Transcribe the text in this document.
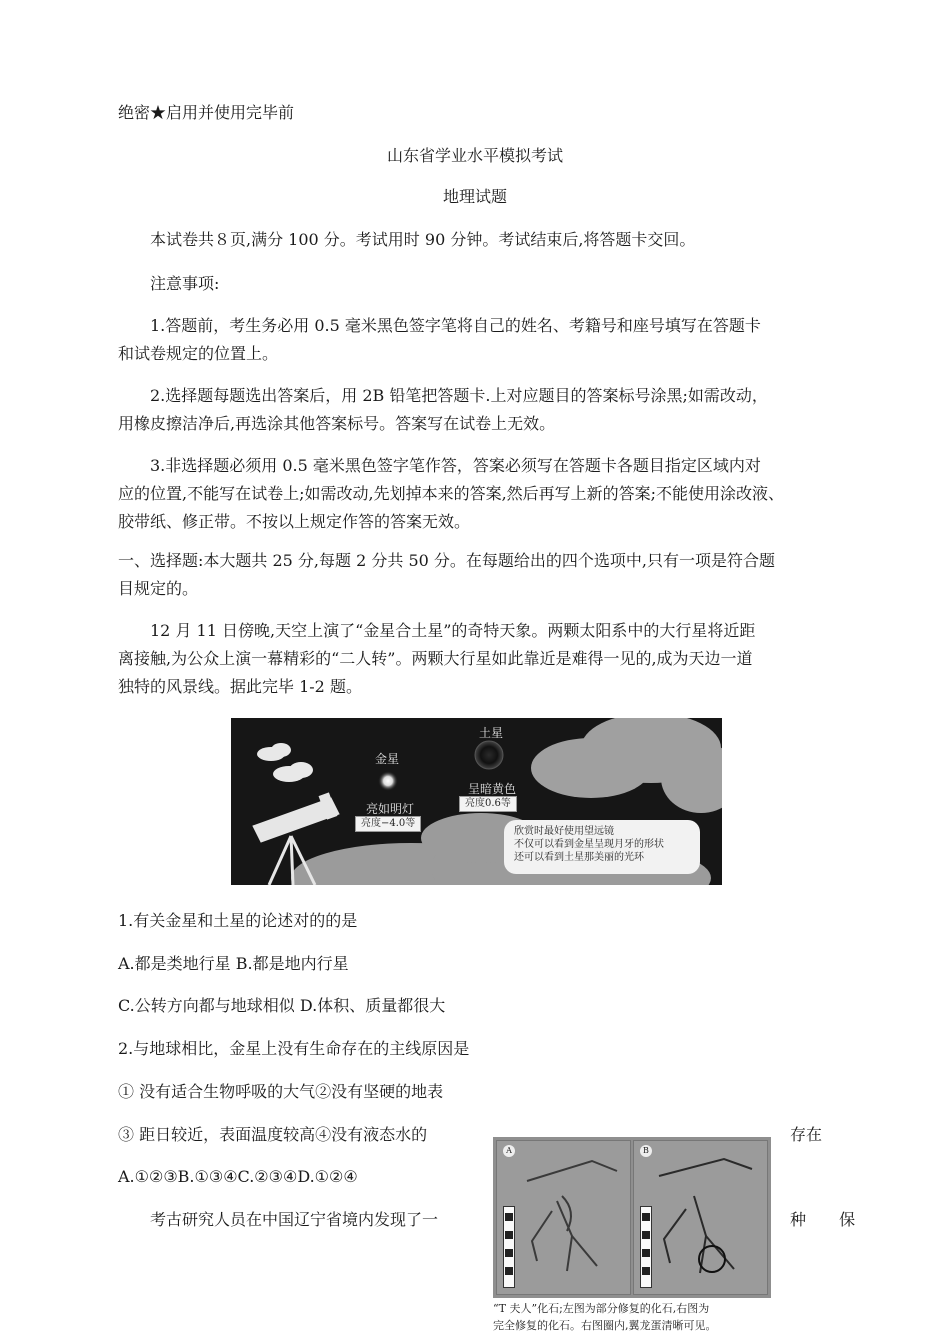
绝密★启用并使用完毕前
山东省学业水平模拟考试
地理试题
本试卷共８页,满分 100 分。考试用时 90 分钟。考试结束后,将答题卡交回。
注意事项:
1.答题前，考生务必用 0.5 毫米黑色签字笔将自己的姓名、考籍号和座号填写在答题卡
和试卷规定的位置上。
2.选择题每题选出答案后，用 2B 铅笔把答题卡.上对应题目的答案标号涂黑;如需改动，
用橡皮擦洁净后,再选涂其他答案标号。答案写在试卷上无效。
3.非选择题必须用 0.5 毫米黑色签字笔作答，答案必须写在答题卡各题目指定区域内对
应的位置,不能写在试卷上;如需改动,先划掉本来的答案,然后再写上新的答案;不能使用涂改液、
胶带纸、修正带。不按以上规定作答的答案无效。
一、选择题:本大题共 25 分,每题 2 分共 50 分。在每题给出的四个选项中,只有一项是符合题
目规定的。
12 月 11 日傍晚,天空上演了“金星合土星”的奇特天象。两颗太阳系中的大行星将近距
离接触,为公众上演一幕精彩的“二人转”。两颗大行星如此靠近是难得一见的,成为天边一道
独特的风景线。据此完毕 1-2 题。
土星
金星
呈暗黄色
亮度0.6等
亮如明灯
亮度−4.0等
欣赏时最好使用望远镜
不仅可以看到金星呈现月牙的形状
还可以看到土星那美丽的光环
1.有关金星和土星的论述对的的是
A.都是类地行星 B.都是地内行星
C.公转方向都与地球相似 D.体积、质量都很大
2.与地球相比，金星上没有生命存在的主线原因是
① 没有适合生物呼吸的大气②没有坚硬的地表
③ 距日较近，表面温度较高④没有液态水的	存在
A.①②③B.①③④C.②③④D.①②④
考古研究人员在中国辽宁省境内发现了一	种 保
A	B
“T 夫人”化石;左图为部分修复的化石,右图为
完全修复的化石。右图圈内,翼龙蛋清晰可见。
